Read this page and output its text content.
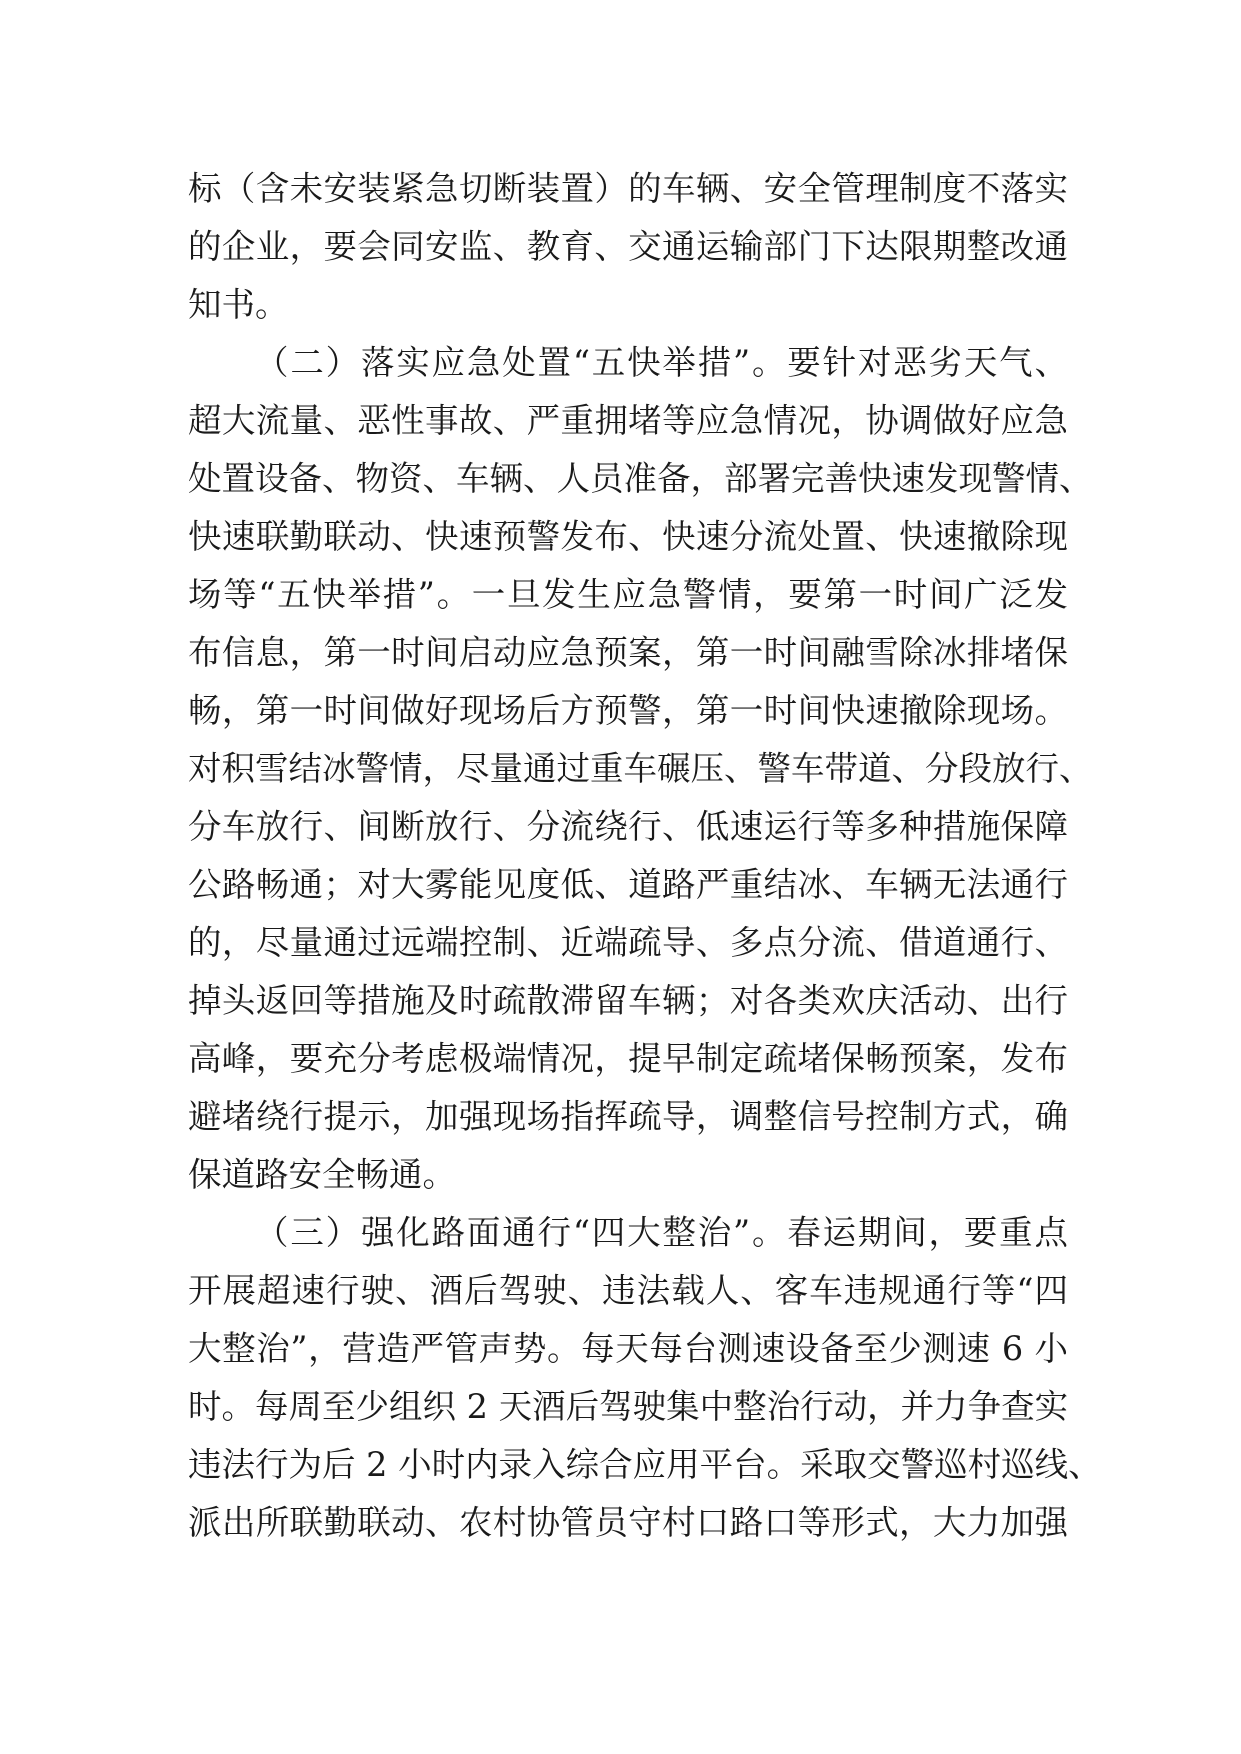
标（含未安装紧急切断装置）的车辆、安全管理制度不落实
的企业，要会同安监、教育、交通运输部门下达限期整改通
知书。
（二）落实应急处置“五快举措”。要针对恶劣天气、
超大流量、恶性事故、严重拥堵等应急情况，协调做好应急
处置设备、物资、车辆、人员准备，部署完善快速发现警情、
快速联勤联动、快速预警发布、快速分流处置、快速撤除现
场等“五快举措”。一旦发生应急警情，要第一时间广泛发
布信息，第一时间启动应急预案，第一时间融雪除冰排堵保
畅，第一时间做好现场后方预警，第一时间快速撤除现场。
对积雪结冰警情，尽量通过重车碾压、警车带道、分段放行、
分车放行、间断放行、分流绕行、低速运行等多种措施保障
公路畅通；对大雾能见度低、道路严重结冰、车辆无法通行
的，尽量通过远端控制、近端疏导、多点分流、借道通行、
掉头返回等措施及时疏散滞留车辆；对各类欢庆活动、出行
高峰，要充分考虑极端情况，提早制定疏堵保畅预案，发布
避堵绕行提示，加强现场指挥疏导，调整信号控制方式，确
保道路安全畅通。
（三）强化路面通行“四大整治”。春运期间，要重点
开展超速行驶、酒后驾驶、违法载人、客车违规通行等“四
大整治”，营造严管声势。每天每台测速设备至少测速 6 小
时。每周至少组织 2 天酒后驾驶集中整治行动，并力争查实
违法行为后 2 小时内录入综合应用平台。采取交警巡村巡线、
派出所联勤联动、农村协管员守村口路口等形式，大力加强
